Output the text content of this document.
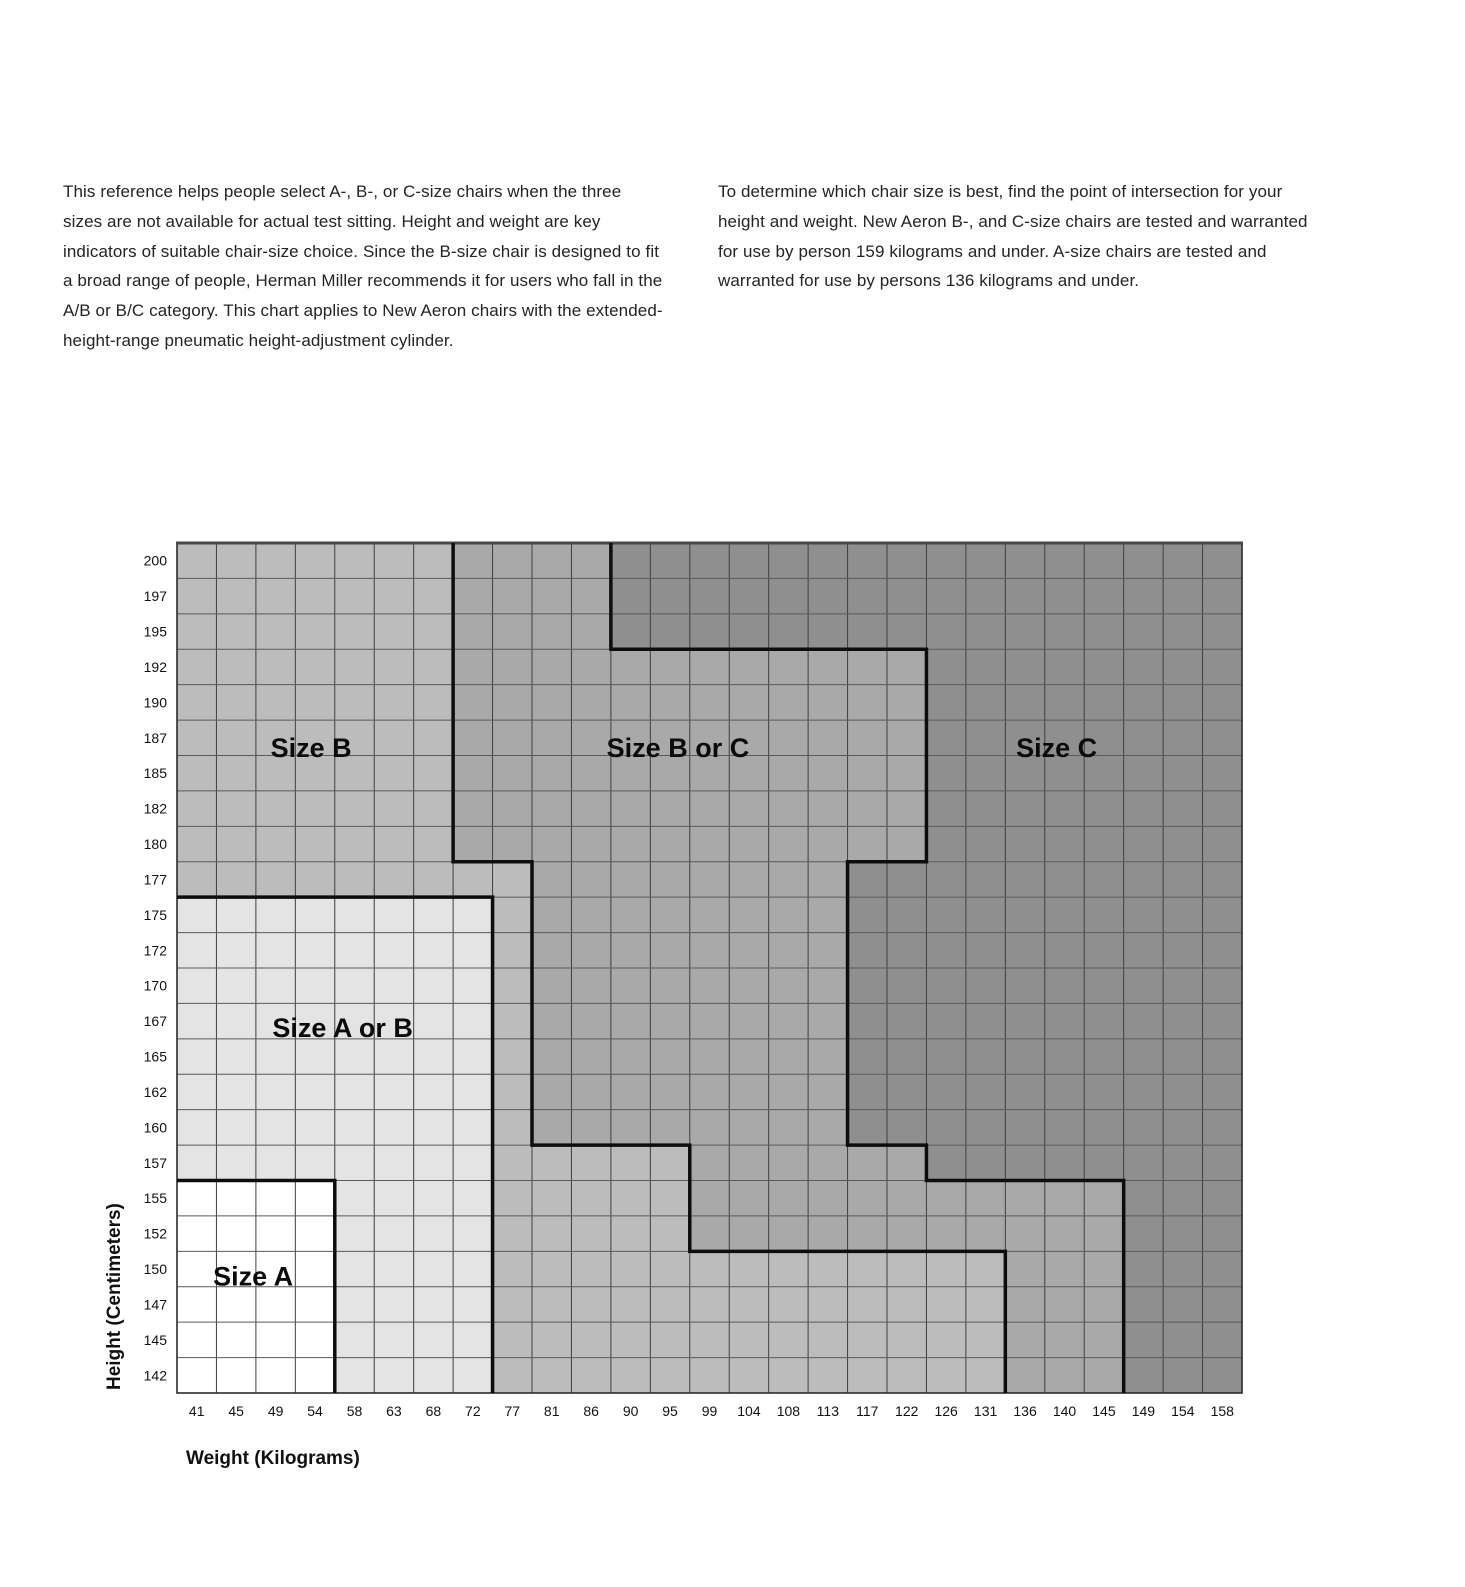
This reference helps people select A-, B-, or C-size chairs when the three sizes are not available for actual test sitting. Height and weight are key indicators of suitable chair-size choice. Since the B-size chair is designed to fit a broad range of people, Herman Miller recommends it for users who fall in the A/B or B/C category. This chart applies to New Aeron chairs with the extended-height-range pneumatic height-adjustment cylinder.

To determine which chair size is best, find the point of intersection for your height and weight. New Aeron B-, and C-size chairs are tested and warranted for use by person 159 kilograms and under. A-size chairs are tested and warranted for use by persons 136 kilograms and under.

Size A
Size A or B
Size B	Size B or C	Size C
200
197
195
192
190
187
185
182
180
177
175
172
170
167
165
162
160
157
155
152
150
147
145
142
41 45 49 54 58 63 68 72 77 81 86 90 95 99 104 108 113 117 122 126 131 136 140 145 149 154 158
Height (Centimeters)
Weight (Kilograms)
